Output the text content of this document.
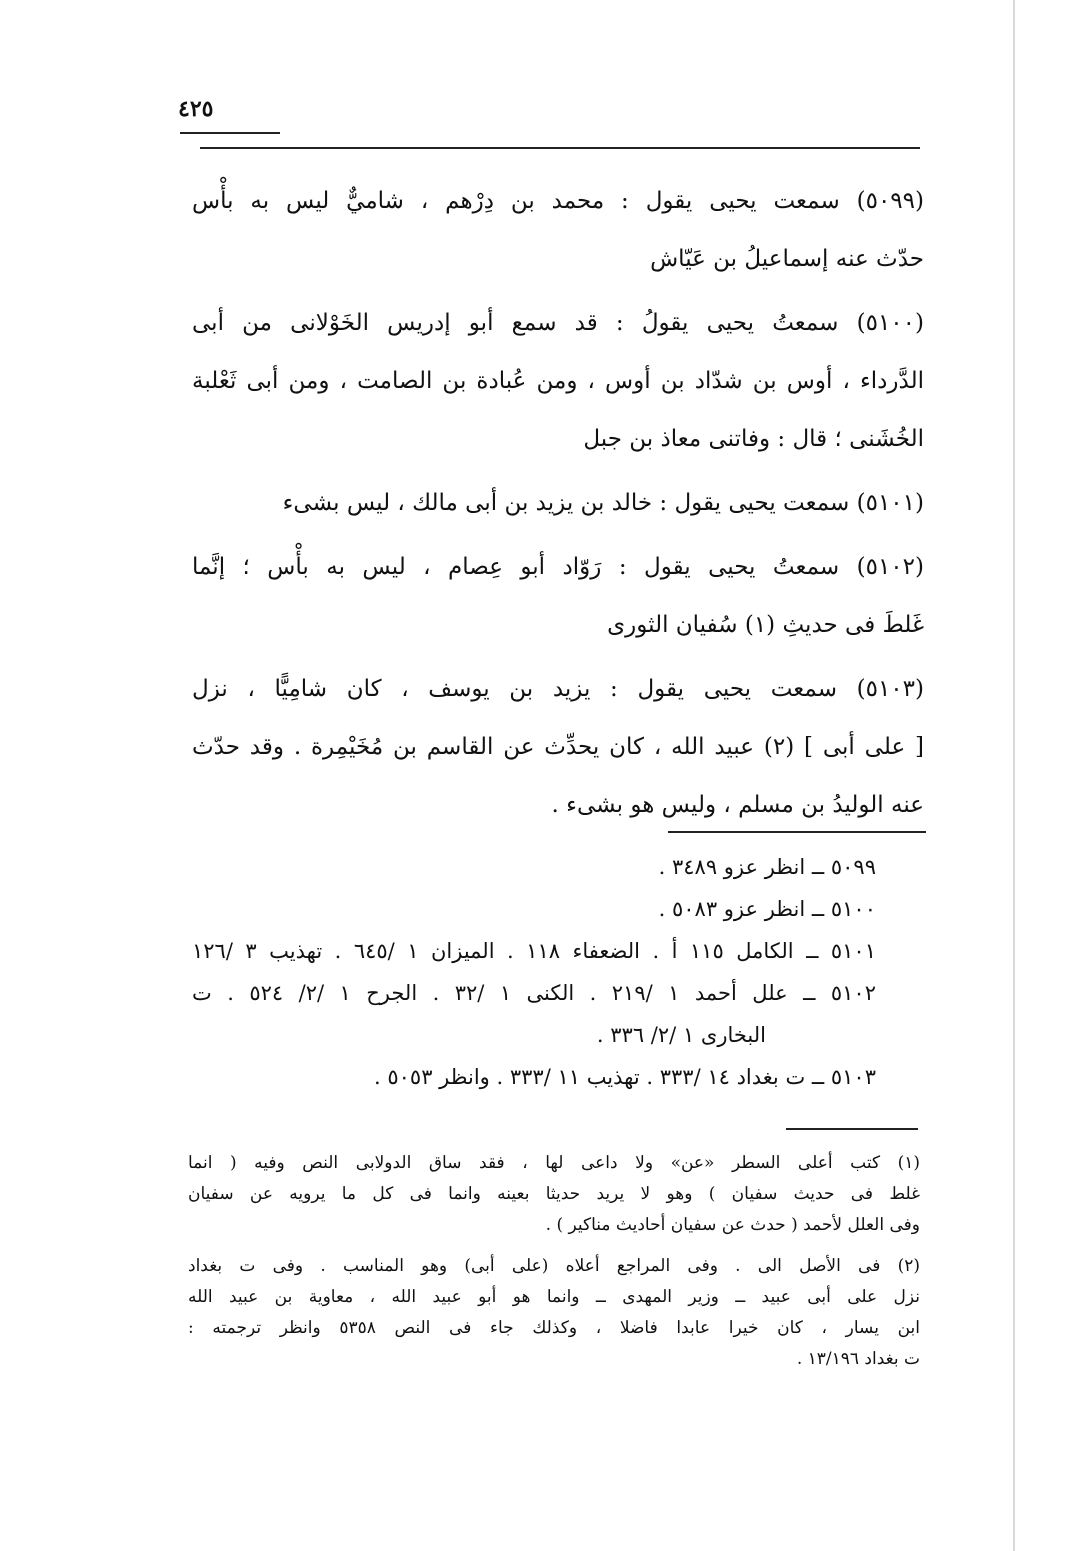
٤٢٥
(٥٠٩٩) سمعت يحيى يقول : محمد بن دِرْهم ، شاميٌّ ليس به بأْس
حدّث عنه إسماعيلُ بن عَيّاش
(٥١٠٠) سمعتُ يحيى يقولُ : قد سمع أبو إدريس الخَوْلانى من أبى
الدَّرداء ، أوس بن شدّاد بن أوس ، ومن عُبادة بن الصامت ، ومن أبى ثَعْلبة
الخُشَنى ؛ قال : وفاتنى معاذ بن جبل
(٥١٠١) سمعت يحيى يقول : خالد بن يزيد بن أبى مالك ، ليس بشىء
(٥١٠٢) سمعتُ يحيى يقول : رَوّاد أبو عِصام ، ليس به بأْس ؛ إنَّما
غَلطَ فى حديثِ (١) سُفيان الثورى
(٥١٠٣) سمعت يحيى يقول : يزيد بن يوسف ، كان شامِيًّا ، نزل
[ على أبى ] (٢) عبيد الله ، كان يحدِّث عن القاسم بن مُخَيْمِرة . وقد حدّث
عنه الوليدُ بن مسلم ، وليس هو بشىء .
٥٠٩٩ ــ انظر عزو ٣٤٨٩ .
٥١٠٠ ــ انظر عزو ٥٠٨٣ .
٥١٠١ ــ الكامل ١١٥ أ . الضعفاء ١١٨ . الميزان ١ /٦٤٥ . تهذيب ٣ /١٢٦
٥١٠٢ ــ علل أحمد ١ /٢١٩ . الكنى ١ /٣٢ . الجرح ١ /٢/ ٥٢٤ . ت
البخارى ١ /٢/ ٣٣٦ .
٥١٠٣ ــ ت بغداد ١٤ /٣٣٣ . تهذيب ١١ /٣٣٣ . وانظر ٥٠٥٣ .
(١) كتب أعلى السطر «عن» ولا داعى لها ، فقد ساق الدولابى النص وفيه ( انما
غلط فى حديث سفيان ) وهو لا يريد حديثا بعينه وانما فى كل ما يرويه عن سفيان
وفى العلل لأحمد ( حدث عن سفيان أحاديث مناكير ) .
(٢) فى الأصل الى . وفى المراجع أعلاه (على أبى) وهو المناسب . وفى ت بغداد
نزل على أبى عبيد ــ وزير المهدى ــ وانما هو أبو عبيد الله ، معاوية بن عبيد الله
ابن يسار ، كان خيرا عابدا فاضلا ، وكذلك جاء فى النص ٥٣٥٨ وانظر ترجمته :
ت بغداد ١٣/١٩٦ .
